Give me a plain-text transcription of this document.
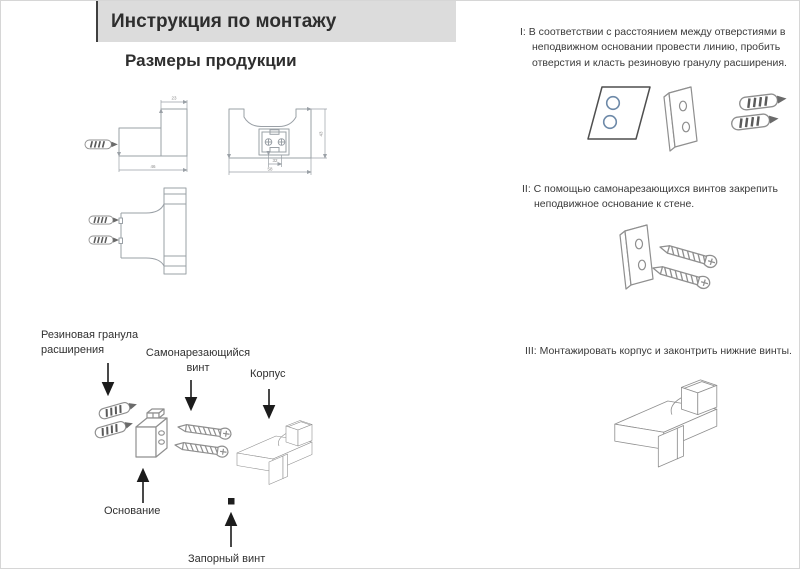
Инструкция по монтажу
Размеры продукции
23
46
43
32
58
Резиновая гранула расширения	Самонарезающийся винт	Корпус
Основание
Запорный винт

I: В соответствии с расстоянием между отверстиями в неподвижном основании провести линию, пробить отверстия и класть резиновую гранулу расширения.

II: С помощью самонарезающихся винтов закрепить неподвижное основание к стене.

III: Монтажировать корпус и законтрить нижние винты.
